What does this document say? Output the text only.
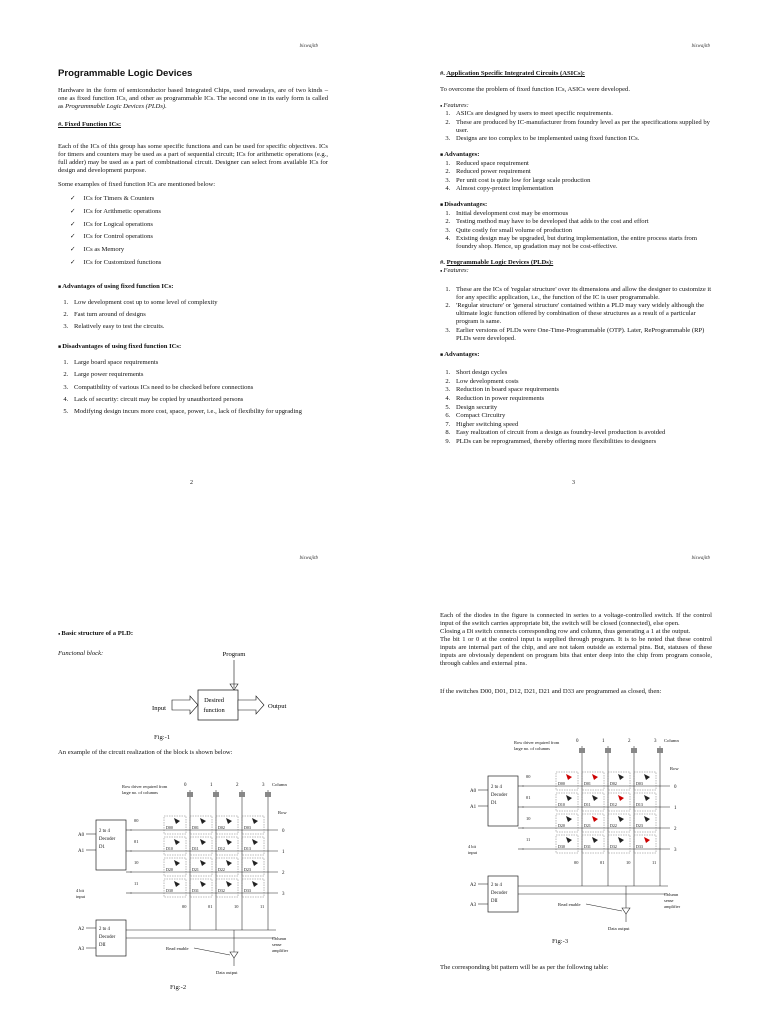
biswajitb
Programmable Logic Devices
Hardware in the form of semiconductor based Integrated Chips, used nowadays, are of two kinds – one as fixed function ICs, and other as programmable ICs. The second one in its early form is called as Programmable Logic Devices (PLDs).
#. Fixed Function ICs:
Each of the ICs of this group has some specific functions and can be used for specific objectives. ICs for timers and counters may be used as a part of sequential circuit; ICs for arithmetic operations (e.g., full adder) may be used as a part of combinational circuit. Designer can select from available ICs for design and development purpose.
Some examples of fixed function ICs are mentioned below:
✓ ICs for Timers & Counters
✓ ICs for Arithmetic operations
✓ ICs for Logical operations
✓ ICs for Control operations
✓ ICs as Memory
✓ ICs for Customized functions
■ Advantages of using fixed function ICs:
1. Low development cost up to some level of complexity
2. Fast turn around of designs
3. Relatively easy to test the circuits.
■ Disadvantages of using fixed function ICs:
1. Large board space requirements
2. Large power requirements
3. Compatibility of various ICs need to be checked before connections
4. Lack of security: circuit may be copied by unauthorized persons
5. Modifying design incurs more cost, space, power, i.e., lack of flexibility for upgrading
2
biswajitb
#. Application Specific Integrated Circuits (ASICs):
To overcome the problem of fixed function ICs, ASICs were developed.
● Features:
1. ASICs are designed by users to meet specific requirements.
2. These are produced by IC-manufacturer from foundry level as per the specifications supplied by user.
3. Designs are too complex to be implemented using fixed function ICs.
■ Advantages:
1. Reduced space requirement
2. Reduced power requirement
3. Per unit cost is quite low for large scale production
4. Almost copy-protect implementation
■ Disadvantages:
1. Initial development cost may be enormous
2. Testing method may have to be developed that adds to the cost and effort
3. Quite costly for small volume of production
4. Existing design may be upgraded, but during implementation, the entire process starts from foundry shop. Hence, up gradation may not be cost-effective.
#. Programmable Logic Devices (PLDs):
● Features:
1. These are the ICs of 'regular structure' over its dimensions and allow the designer to customize it for any specific application, i.e., the function of the IC is user programmable.
2. 'Regular structure' or 'general structure' contained within a PLD may vary widely although the ultimate logic function offered by combination of these structures as a result of a particular program is same.
3. Earlier versions of PLDs were One-Time-Programmable (OTP). Later, ReProgrammable (RP) PLDs were developed.
■ Advantages:
1. Short design cycles
2. Low development costs
3. Reduction in board space requirements
4. Reduction in power requirements
5. Design security
6. Compact Circuitry
7. Higher switching speed
8. Easy realization of circuit from a design as foundry-level production is avoided
9. PLDs can be reprogrammed, thereby offering more flexibilities to designers
3
biswajitb
● Basic structure of a PLD:
Funcional block:	Program
Desired
function
Input	Output
Fig:-1
An example of the circuit realization of the block is shown below:
Row driver required from
large no. of columns
Column
Row
0	1	2	3
0
00
1
01
2
10
3
11
D00	D01	D02	D03
D10	D11	D12	D13
D20	D21	D22	D23
D30	D31	D32	D33
2 to 4
Decoder
D1
A0
A1
4 bit
input
2 to 4
Decoder
DII
A2
A3
00	01	10	11
Read enable
Data output
Column
sense
amplifier
Fig:-2
biswajitb
Each of the diodes in the figure is connected in series to a voltage-controlled switch. If the control input of the switch carries appropriate bit, the switch will be closed (connected), else open.
Closing a Di switch connects corresponding row and column, thus generating a 1 at the output.
The bit 1 or 0 at the control input is supplied through program. It is to be noted that these control inputs are internal part of the chip, and are not taken outside as external pins. But, statuses of these inputs are obviously dependent on program bits that enter deep into the chip from program console, through cables and external pins.
If the switches D00, D01, D12, D21, D21 and D33 are programmed as closed, then:
Row driver required from
large no. of columns
Column
Row
0	1	2	3
0
00
1
01
2
10
3
11
D00	D01	D02	D03
D10	D11	D12	D13
D20	D21	D22	D23
D30	D31	D32	D33
2 to 4
Decoder
D1
A0
A1
4 bit
input
2 to 4
Decoder
DII
A2
A3
00	01	10	11
Read enable
Data output
Column
sense
amplifier
Fig:-3
The corresponding bit pattern will be as per the following table:
